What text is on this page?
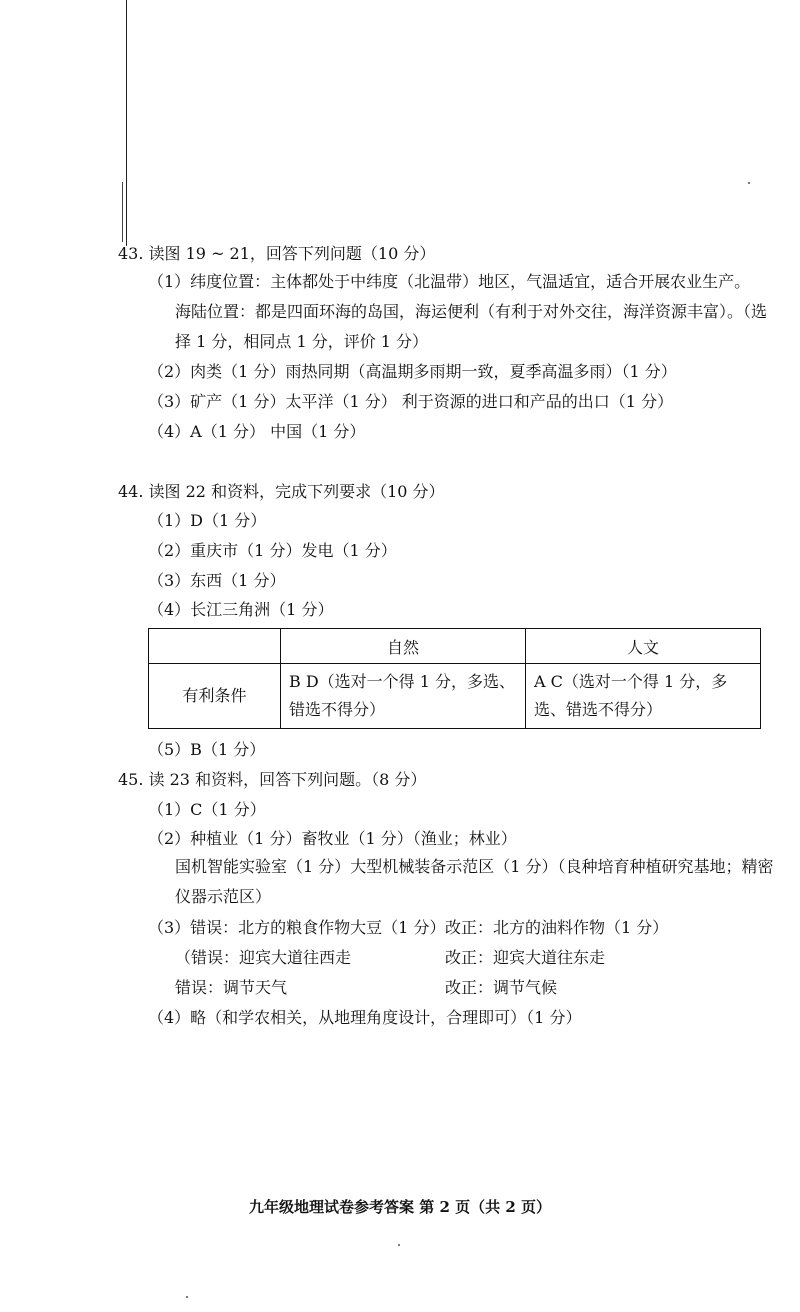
43. 读图 19 ~ 21，回答下列问题（10 分）
（1）纬度位置：主体都处于中纬度（北温带）地区，气温适宜，适合开展农业生产。
海陆位置：都是四面环海的岛国，海运便利（有利于对外交往，海洋资源丰富）。（选
择 1 分，相同点 1 分，评价 1 分）
（2）肉类（1 分）雨热同期（高温期多雨期一致，夏季高温多雨）（1 分）
（3）矿产（1 分）太平洋（1 分） 利于资源的进口和产品的出口（1 分）
（4）A（1 分） 中国（1 分）
44. 读图 22 和资料，完成下列要求（10 分）
（1）D（1 分）
（2）重庆市（1 分）发电（1 分）
（3）东西（1 分）
（4）长江三角洲（1 分）
	自然	人文
有利条件	B D（选对一个得 1 分，多选、错选不得分）	A C（选对一个得 1 分，多选、错选不得分）
（5）B（1 分）
45. 读 23 和资料，回答下列问题。（8 分）
（1）C（1 分）
（2）种植业（1 分）畜牧业（1 分）（渔业；林业）
国机智能实验室（1 分）大型机械装备示范区（1 分）（良种培育种植研究基地；精密
仪器示范区）
（3）错误：北方的粮食作物大豆（1 分） 改正：北方的油料作物（1 分）
（错误：迎宾大道往西走	改正：迎宾大道往东走
错误：调节天气	改正：调节气候
（4）略（和学农相关，从地理角度设计，合理即可）（1 分）
九年级地理试卷参考答案 第 2 页（共 2 页）
